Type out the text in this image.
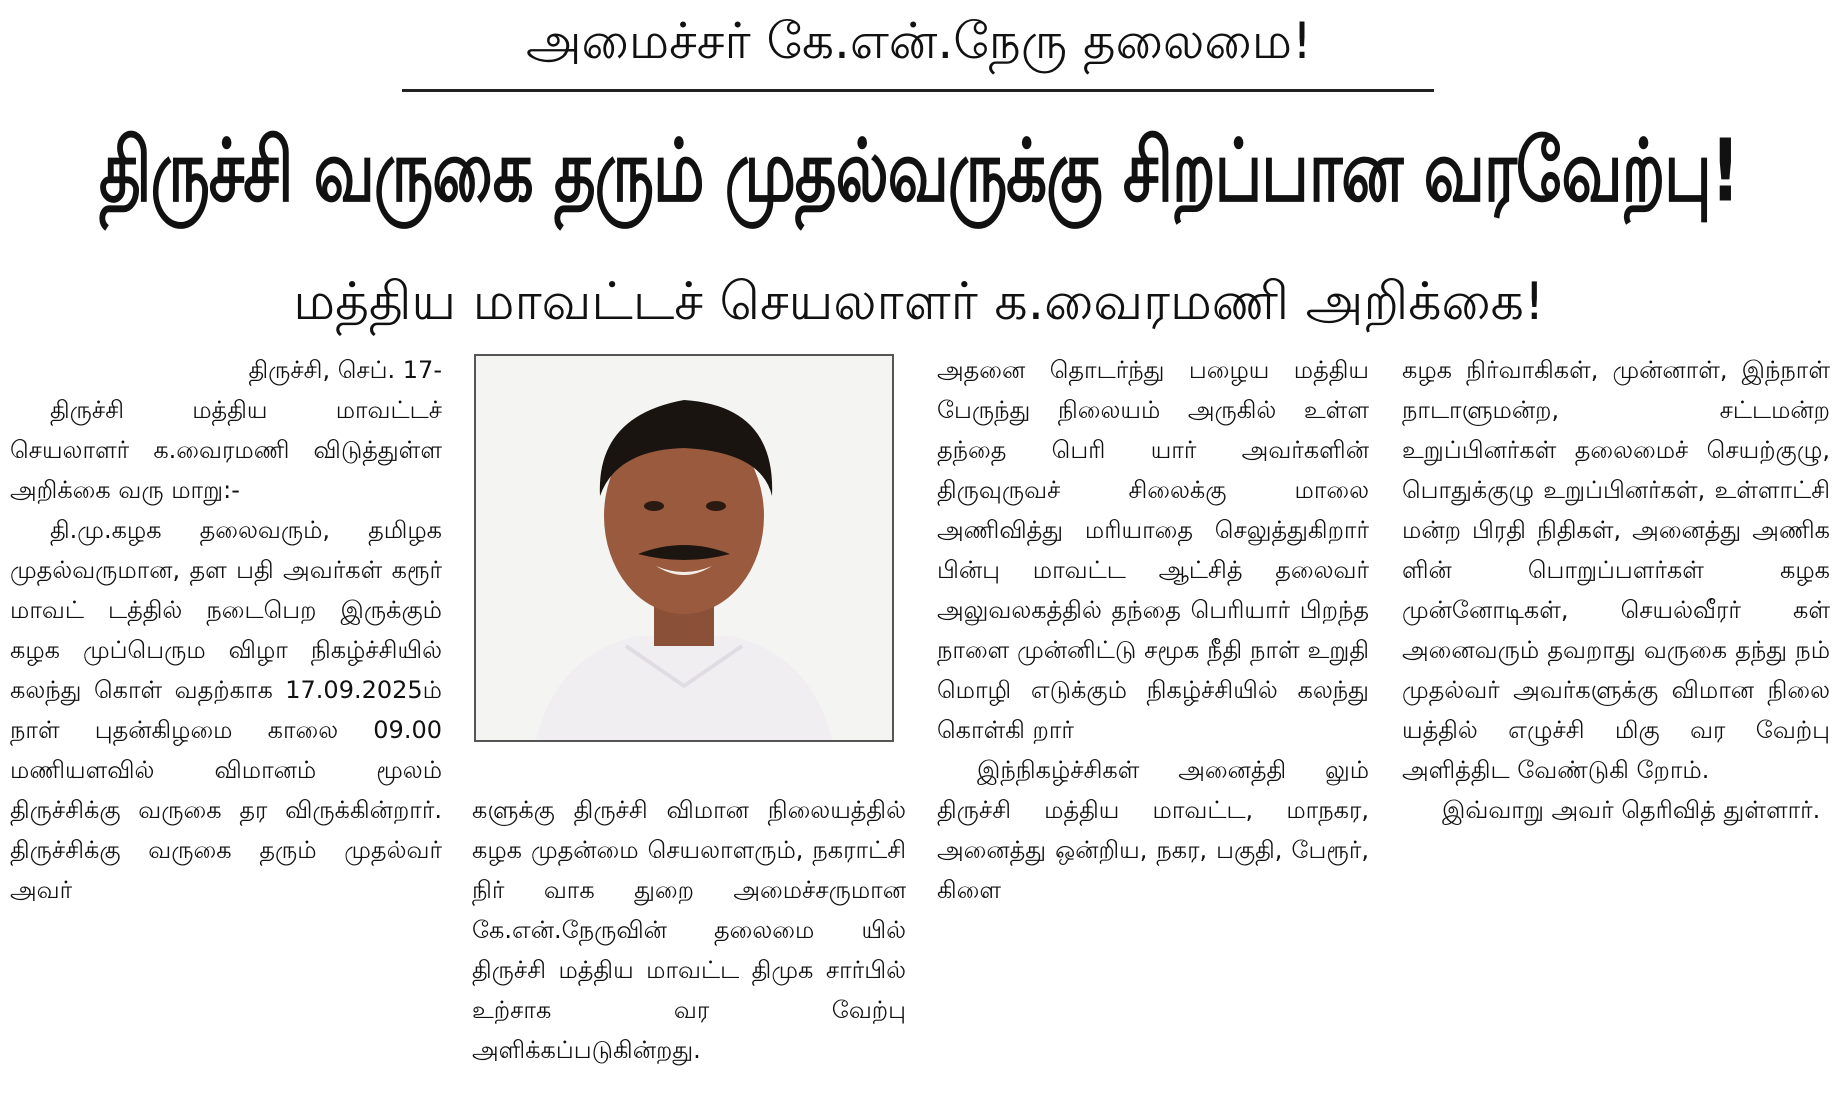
அமைச்சர் கே.என்.நேரு தலைமை!
திருச்சி வருகை தரும் முதல்வருக்கு சிறப்பான வரவேற்பு!
மத்திய மாவட்டச் செயலாளர் க.வைரமணி அறிக்கை!

திருச்சி, செப். 17-

திருச்சி மத்திய மாவட்டச் செயலாளர் க.வைரமணி விடுத்துள்ள அறிக்கை வரு மாறு:-

தி.மு.கழக தலைவரும், தமிழக முதல்வருமான, தள பதி அவர்கள் கரூர் மாவட் டத்தில் நடைபெற இருக்கும் கழக முப்பெரும விழா நிகழ்ச்சியில் கலந்து கொள் வதற்காக 17.09.2025ம் நாள் புதன்கிழமை காலை 09.00 மணியளவில் விமானம் மூலம் திருச்சிக்கு வருகை தர விருக்கின்றார். திருச்சிக்கு வருகை தரும் முதல்வர் அவர்

களுக்கு திருச்சி விமான நிலையத்தில் கழக முதன்மை செயலாளரும், நகராட்சி நிர் வாக துறை அமைச்சருமான கே.என்.நேருவின் தலைமை யில் திருச்சி மத்திய மாவட்ட திமுக சார்பில் உற்சாக வர வேற்பு அளிக்கப்படுகின்றது.

அதனை தொடர்ந்து பழைய மத்திய பேருந்து நிலையம் அருகில் உள்ள தந்தை பெரி யார் அவர்களின் திருவுருவச் சிலைக்கு மாலை அணிவித்து மரியாதை செலுத்துகிறார் பின்பு மாவட்ட ஆட்சித் தலைவர் அலுவலகத்தில் தந்தை பெரியார் பிறந்த நாளை முன்னிட்டு சமூக நீதி நாள் உறுதி மொழி எடுக்கும் நிகழ்ச்சியில் கலந்து கொள்கி றார்

இந்நிகழ்ச்சிகள் அனைத்தி லும் திருச்சி மத்திய மாவட்ட, மாநகர, அனைத்து ஒன்றிய, நகர, பகுதி, பேரூர், கிளை

கழக நிர்வாகிகள், முன்னாள், இந்நாள் நாடாளுமன்ற, சட்டமன்ற உறுப்பினர்கள் தலைமைச் செயற்குழு, பொதுக்குழு உறுப்பினர்கள், உள்ளாட்சி மன்ற பிரதி நிதிகள், அனைத்து அணிக ளின் பொறுப்பளர்கள் கழக முன்னோடிகள், செயல்வீரர் கள் அனைவரும் தவறாது வருகை தந்து நம் முதல்வர் அவர்களுக்கு விமான நிலை யத்தில் எழுச்சி மிகு வர வேற்பு அளித்திட வேண்டுகி றோம்.

இவ்வாறு அவர் தெரிவித் துள்ளார்.
